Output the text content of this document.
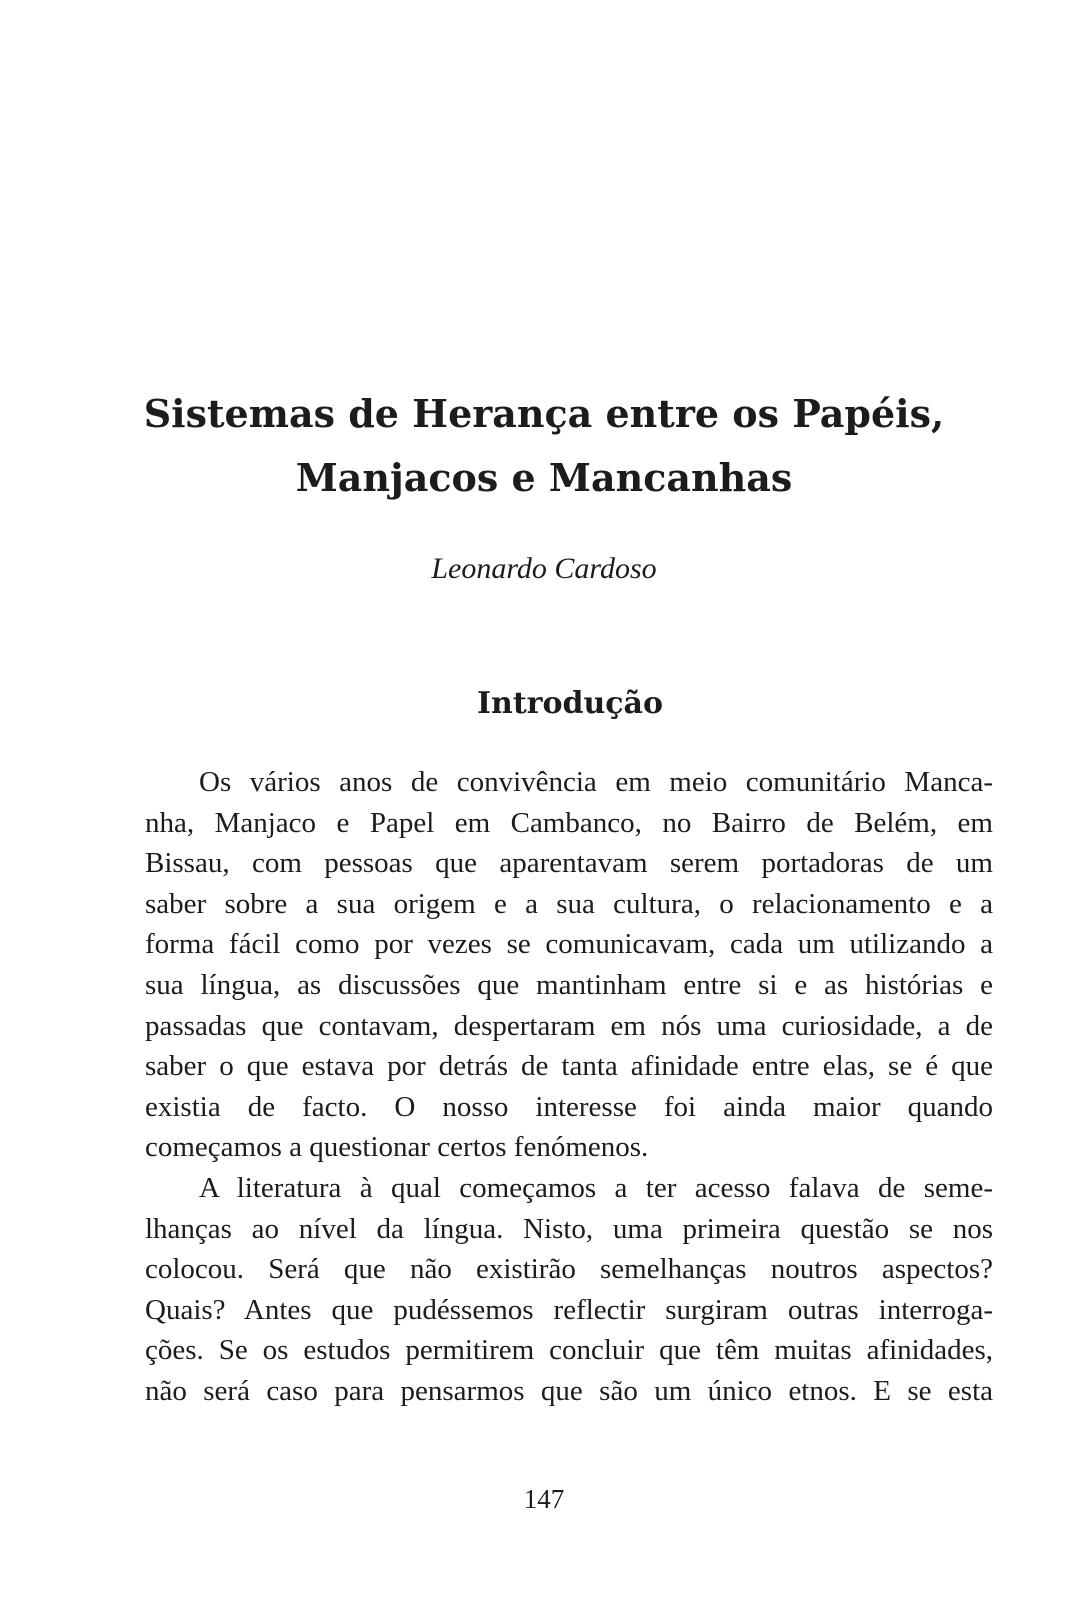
Sistemas de Herança entre os Papéis,
Manjacos e Mancanhas
Leonardo Cardoso
Introdução
Os vários anos de convivência em meio comunitário Manca-
nha, Manjaco e Papel em Cambanco, no Bairro de Belém, em
Bissau, com pessoas que aparentavam serem portadoras de um
saber sobre a sua origem e a sua cultura, o relacionamento e a
forma fácil como por vezes se comunicavam, cada um utilizando a
sua língua, as discussões que mantinham entre si e as histórias e
passadas que contavam, despertaram em nós uma curiosidade, a de
saber o que estava por detrás de tanta afinidade entre elas, se é que
existia de facto. O nosso interesse foi ainda maior quando
começamos a questionar certos fenómenos.
A literatura à qual começamos a ter acesso falava de seme-
lhanças ao nível da língua. Nisto, uma primeira questão se nos
colocou. Será que não existirão semelhanças noutros aspectos?
Quais? Antes que pudéssemos reflectir surgiram outras interroga-
ções. Se os estudos permitirem concluir que têm muitas afinidades,
não será caso para pensarmos que são um único etnos. E se esta
147
